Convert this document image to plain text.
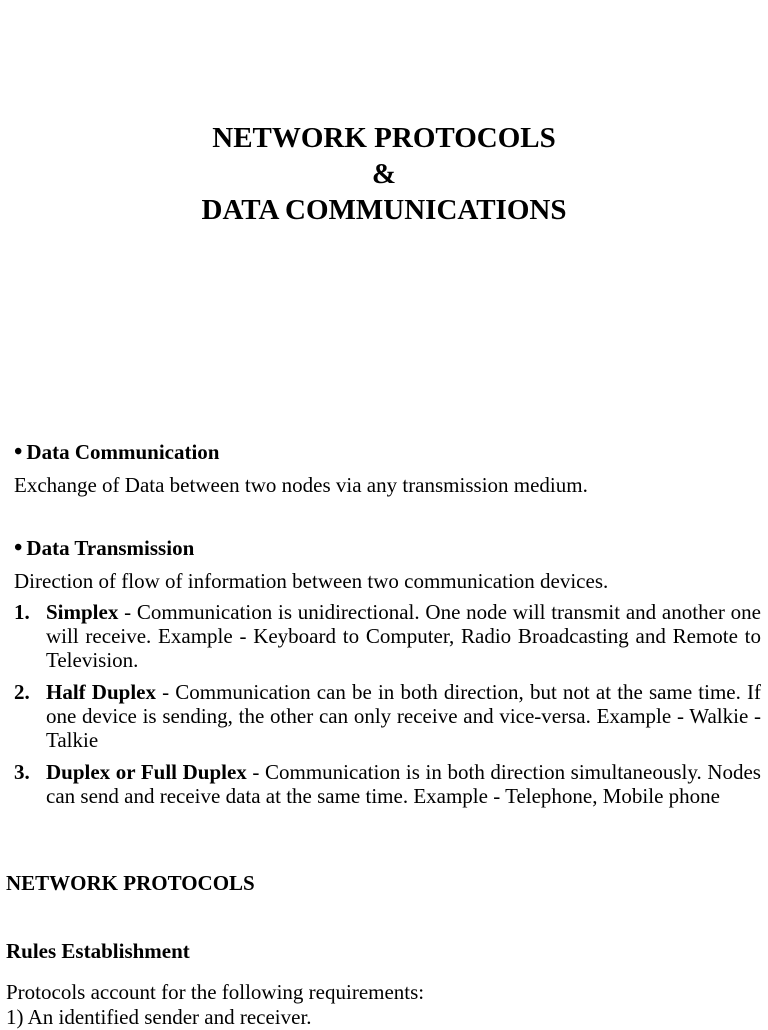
NETWORK PROTOCOLS
&
DATA COMMUNICATIONS
• Data Communication
Exchange of Data between two nodes via any transmission medium.
• Data Transmission
Direction of flow of information between two communication devices.
1. Simplex - Communication is unidirectional. One node will transmit and another one will receive. Example - Keyboard to Computer, Radio Broadcasting and Remote to Television.
2. Half Duplex - Communication can be in both direction, but not at the same time. If one device is sending, the other can only receive and vice-versa. Example - Walkie - Talkie
3. Duplex or Full Duplex - Communication is in both direction simultaneously. Nodes can send and receive data at the same time. Example - Telephone, Mobile phone
NETWORK PROTOCOLS
Rules Establishment
Protocols account for the following requirements:
1) An identified sender and receiver.
